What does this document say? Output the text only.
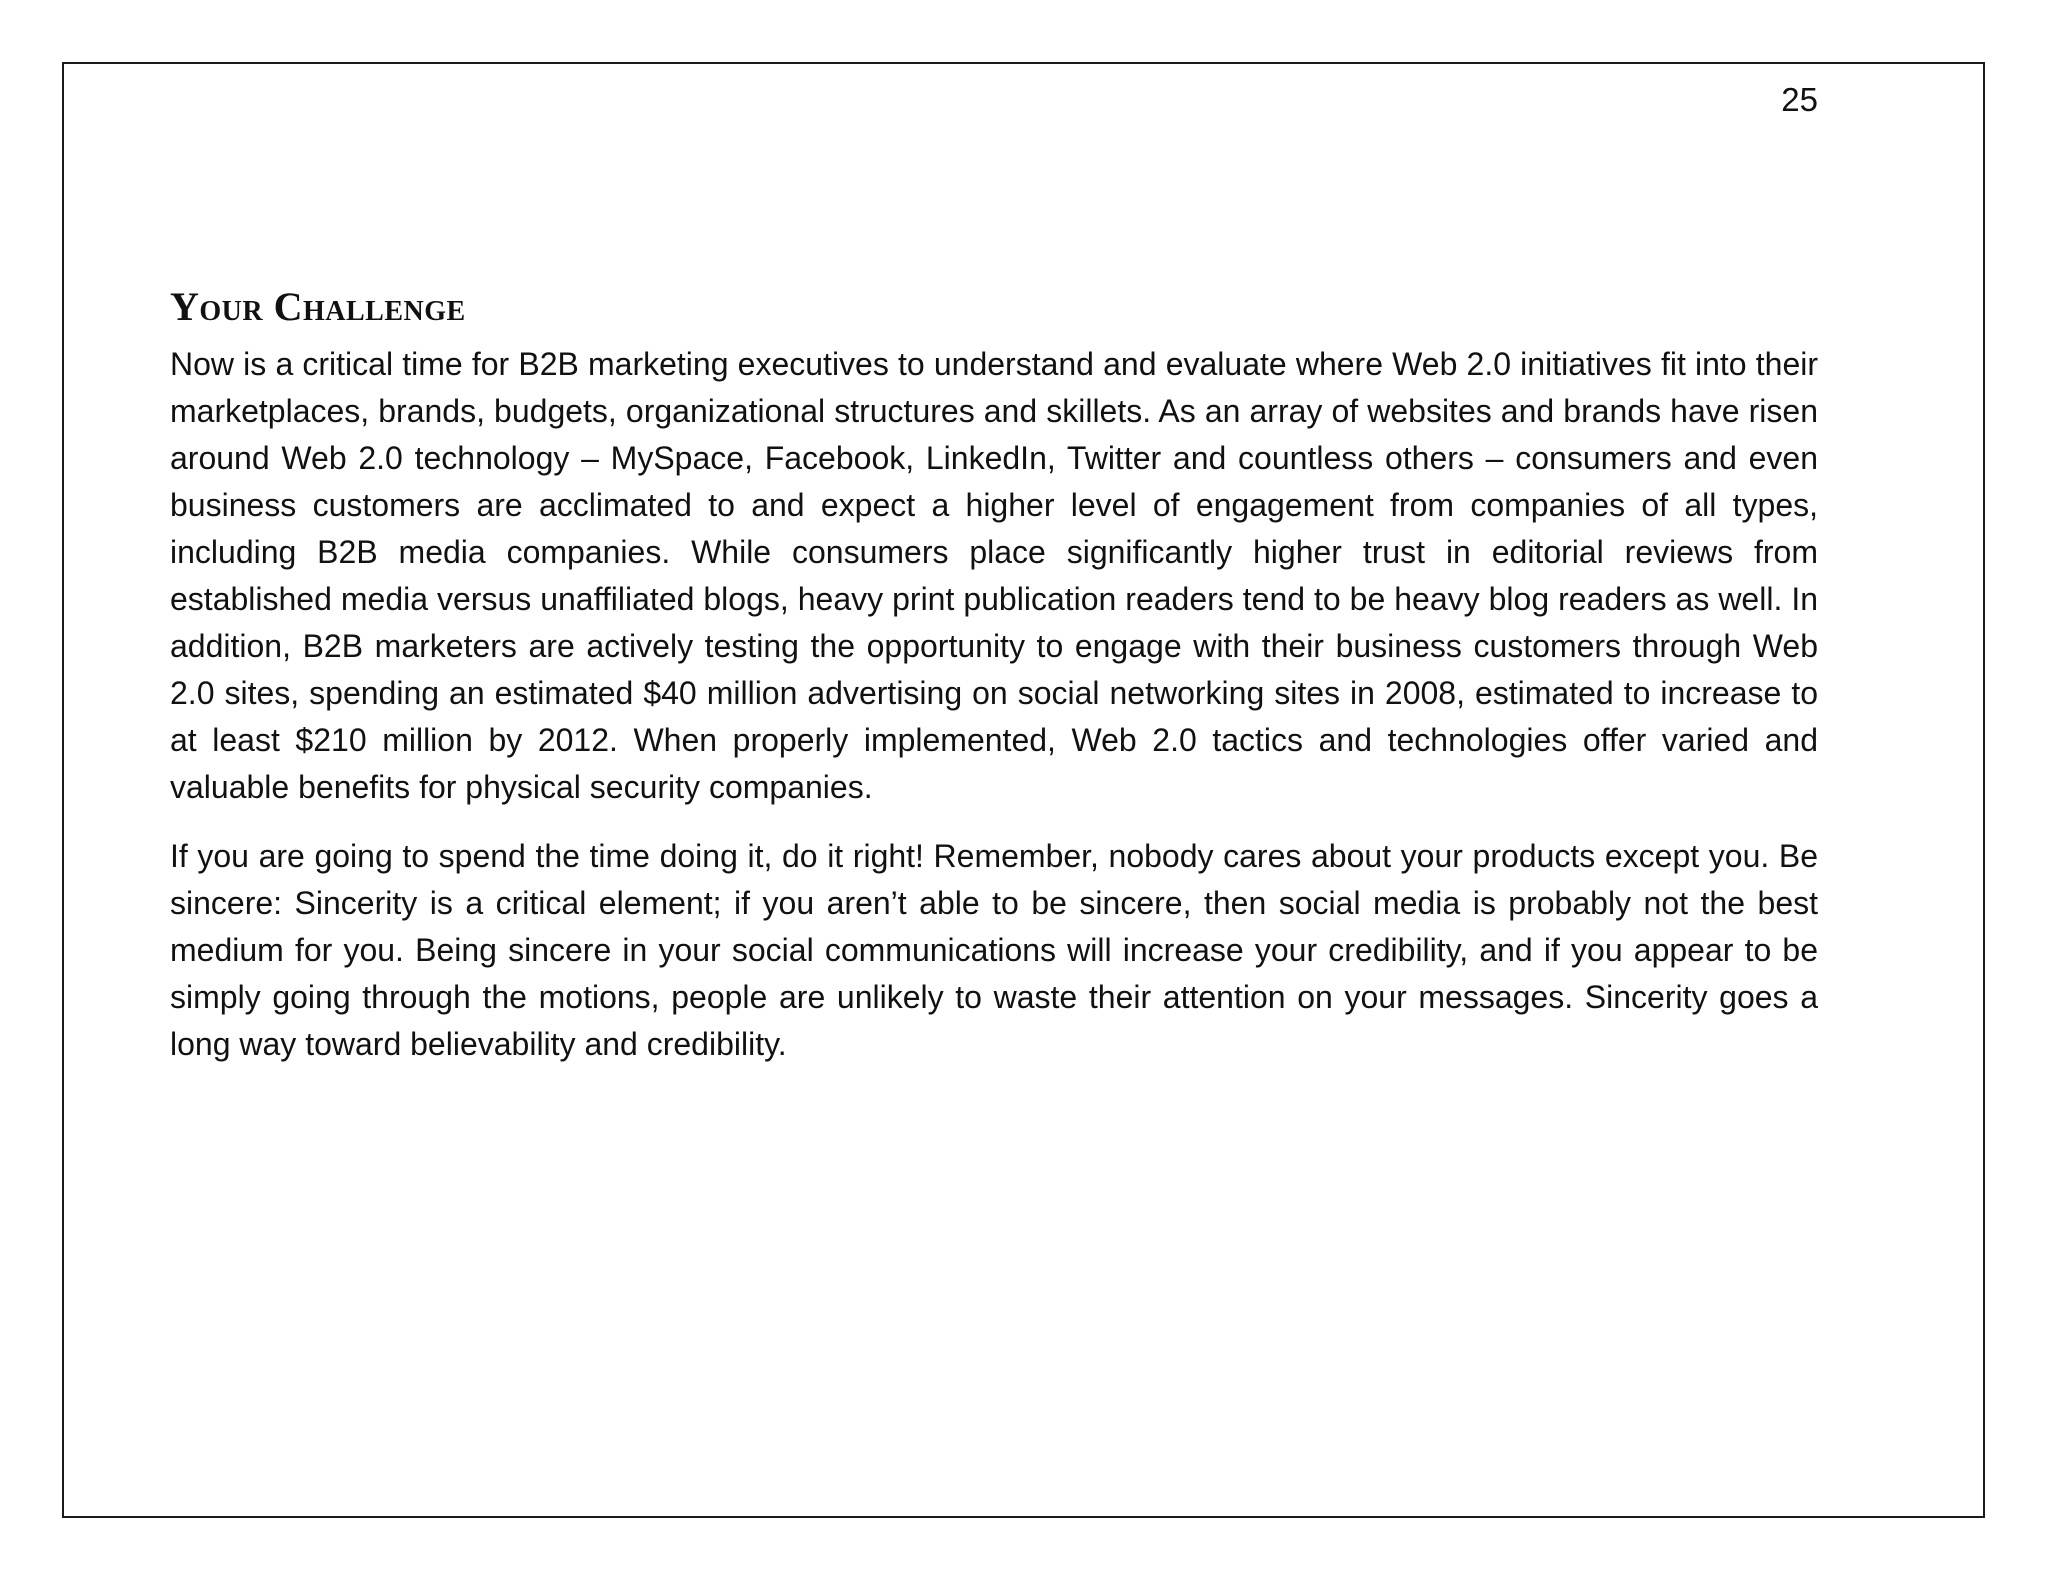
25
Your Challenge

Now is a critical time for B2B marketing executives to understand and evaluate where Web 2.0 initiatives fit into their marketplaces, brands, budgets, organizational structures and skillets. As an array of websites and brands have risen around Web 2.0 technology – MySpace, Facebook, LinkedIn, Twitter and countless others – consumers and even business customers are acclimated to and expect a higher level of engagement from companies of all types, including B2B media companies. While consumers place significantly higher trust in editorial reviews from established media versus unaffiliated blogs, heavy print publication readers tend to be heavy blog readers as well. In addition, B2B marketers are actively testing the opportunity to engage with their business customers through Web 2.0 sites, spending an estimated $40 million advertising on social networking sites in 2008, estimated to increase to at least $210 million by 2012. When properly implemented, Web 2.0 tactics and technologies offer varied and valuable benefits for physical security companies.

If you are going to spend the time doing it, do it right! Remember, nobody cares about your products except you. Be sincere: Sincerity is a critical element; if you aren’t able to be sincere, then social media is probably not the best medium for you. Being sincere in your social communications will increase your credibility, and if you appear to be simply going through the motions, people are unlikely to waste their attention on your messages. Sincerity goes a long way toward believability and credibility.
